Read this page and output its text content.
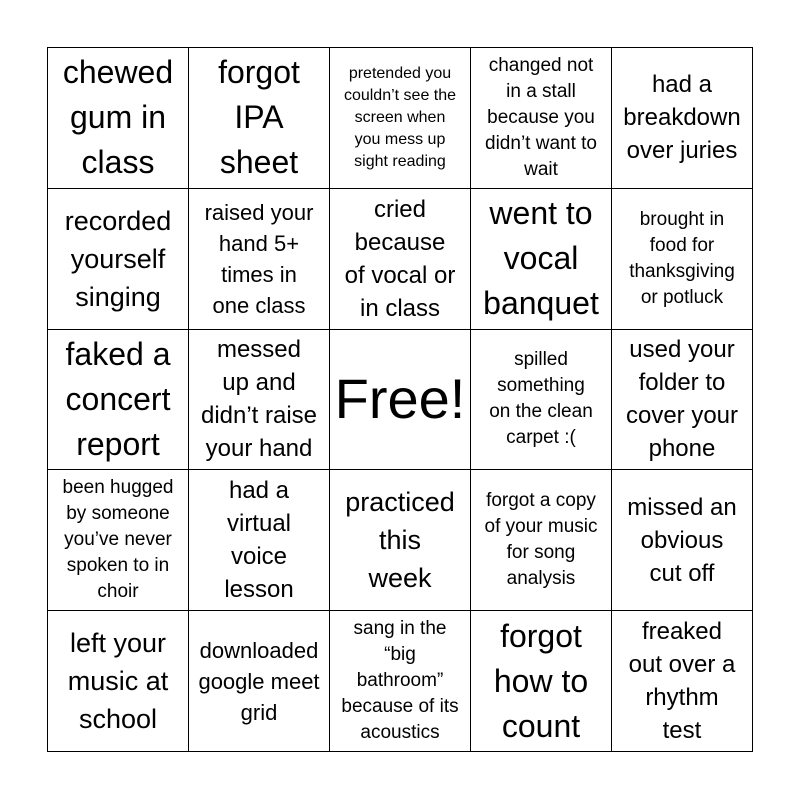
chewed
gum in
class
forgot
IPA
sheet
pretended you
couldn’t see the
screen when
you mess up
sight reading
changed not
in a stall
because you
didn’t want to
wait
had a
breakdown
over juries
recorded
yourself
singing
raised your
hand 5+
times in
one class
cried
because
of vocal or
in class
went to
vocal
banquet
brought in
food for
thanksgiving
or potluck
faked a
concert
report
messed
up and
didn’t raise
your hand
Free!
spilled
something
on the clean
carpet :(
used your
folder to
cover your
phone
been hugged
by someone
you’ve never
spoken to in
choir
had a
virtual
voice
lesson
practiced
this
week
forgot a copy
of your music
for song
analysis
missed an
obvious
cut off
left your
music at
school
downloaded
google meet
grid
sang in the
“big
bathroom”
because of its
acoustics
forgot
how to
count
freaked
out over a
rhythm
test
